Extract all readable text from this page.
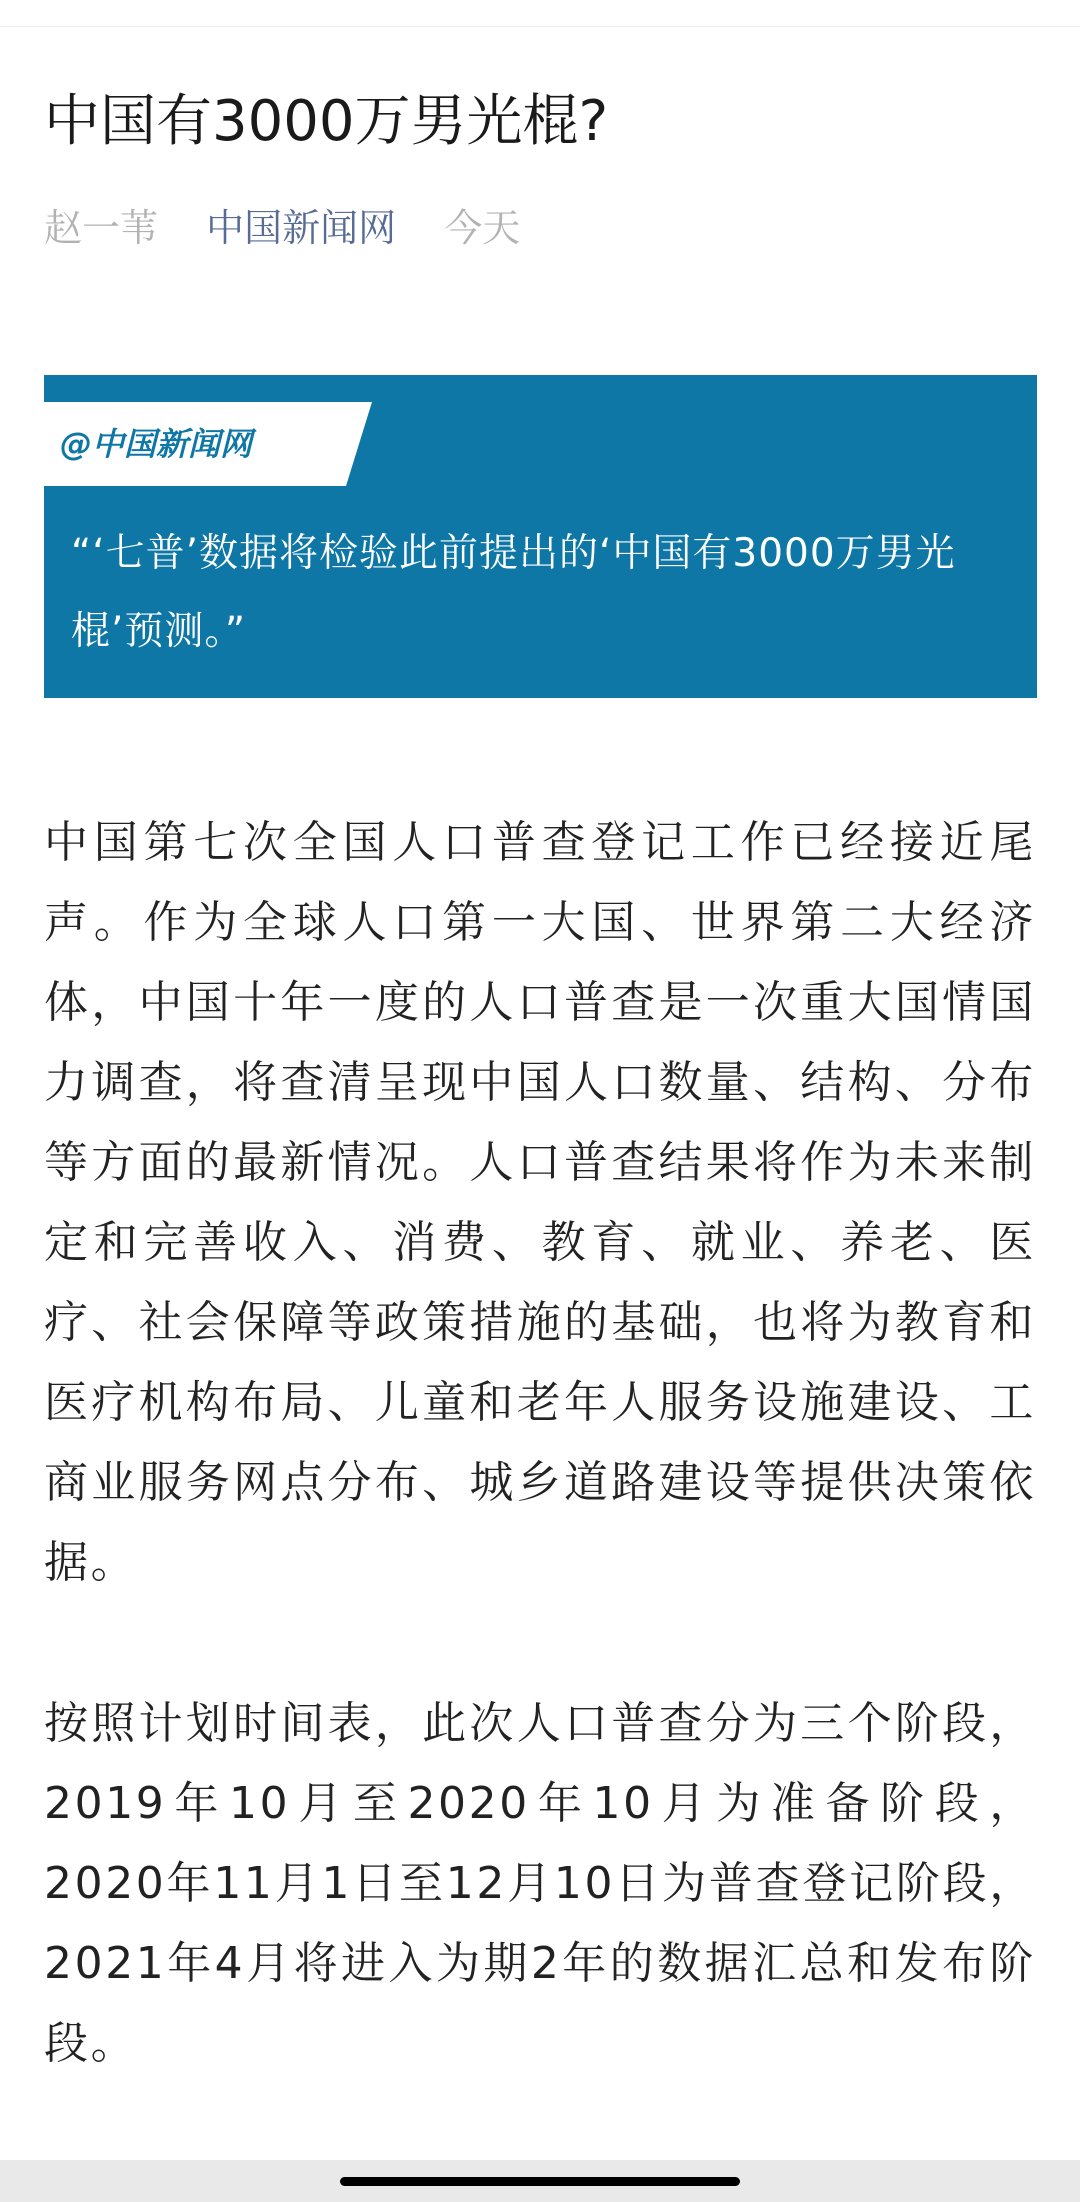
中国有3000万男光棍?
赵一苇 中国新闻网 今天
@中国新闻网
“‘七普’数据将检验此前提出的‘中国有3000万男光棍’预测。”

中国第七次全国人口普查登记工作已经接近尾声。作为全球人口第一大国、世界第二大经济体，中国十年一度的人口普查是一次重大国情国力调查，将查清呈现中国人口数量、结构、分布等方面的最新情况。人口普查结果将作为未来制定和完善收入、消费、教育、就业、养老、医疗、社会保障等政策措施的基础，也将为教育和医疗机构布局、儿童和老年人服务设施建设、工商业服务网点分布、城乡道路建设等提供决策依据。

按照计划时间表，此次人口普查分为三个阶段，2019年10月至2020年10月为准备阶段，2020年11月1日至12月10日为普查登记阶段，2021年4月将进入为期2年的数据汇总和发布阶段。
